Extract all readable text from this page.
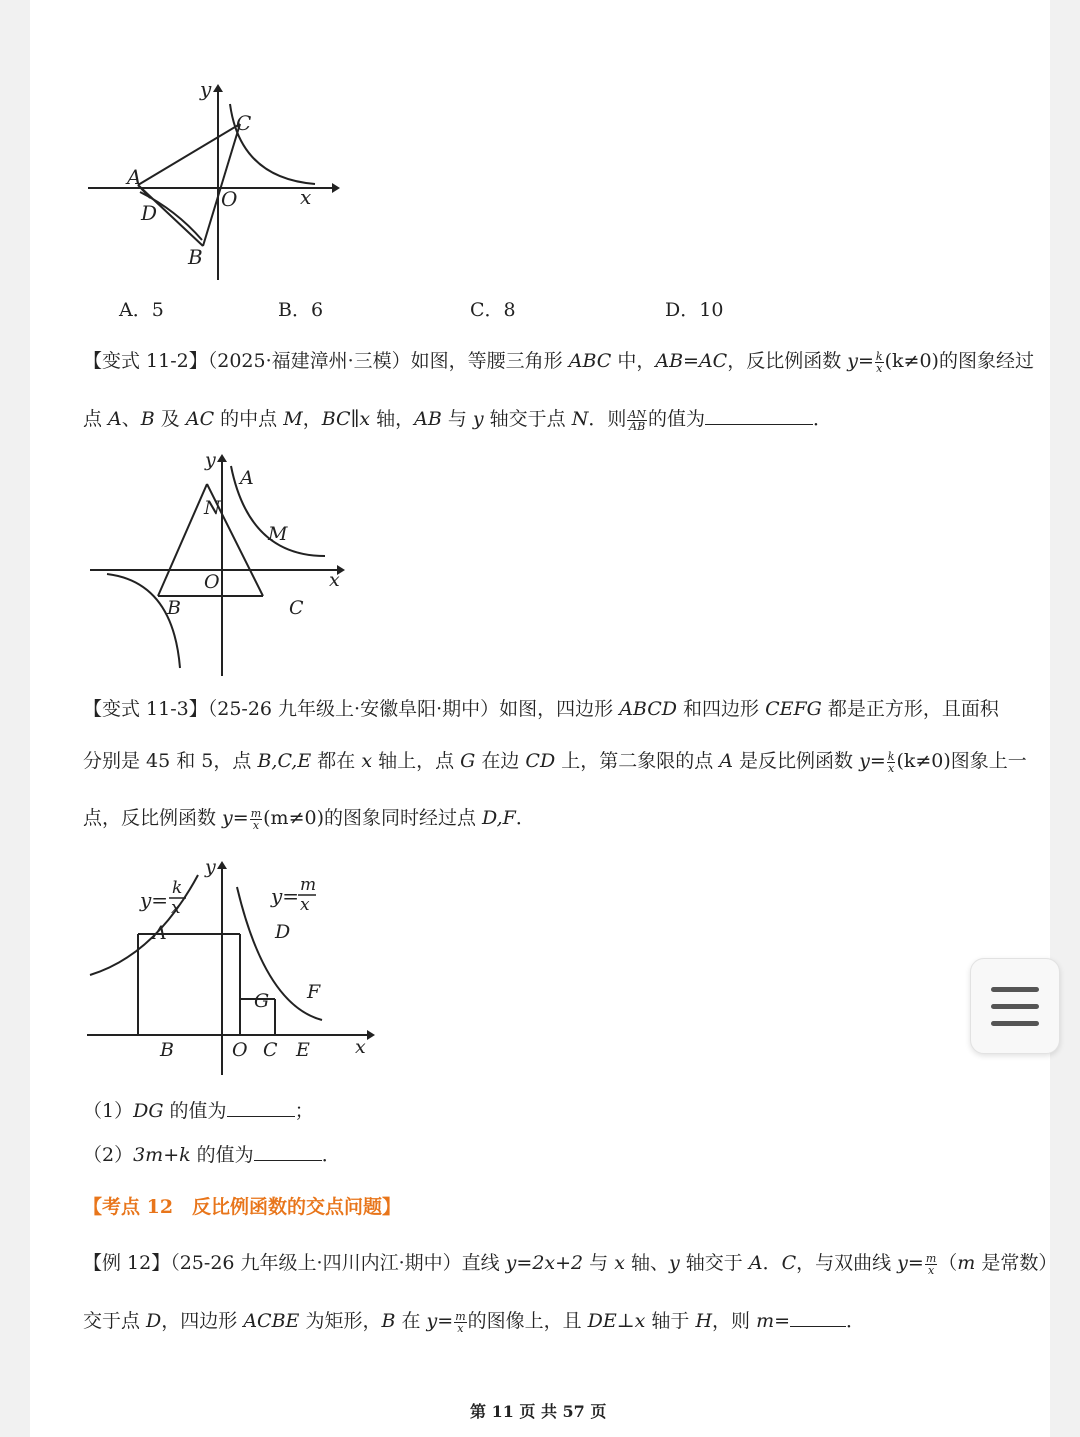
y
x
C
A
O
D
B
A．5	B．6	C．8	D．10
【变式 11-2】（2025·福建漳州·三模）如图，等腰三角形 ABC 中，AB=AC，反比例函数 $y= \frac{k}{x} (k\ne 0)$的图象经过
点 A、B 及 AC 的中点 M，BC∥x 轴，AB 与 y 轴交于点 N．则 $\frac{AN}{AB}$ 的值为	．
y
x
A
N
M
O
B	C
【变式 11-3】（25-26 九年级上·安徽阜阳·期中）如图，四边形 ABCD 和四边形 CEFG 都是正方形，且面积
分别是 45 和 5，点 B,C,E 都在 x 轴上，点 G 在边 CD 上，第二象限的点 A 是反比例函数 $y= \frac{k}{x} (k\ne 0)$图象上一
点，反比例函数 $y= \frac{m}{x} (m\ne 0)$的图象同时经过点 D,F．
y= k
x	y= m
x
y
x
A	D
G F
B	O C E
（1）DG 的值为	；
（2）3m+k 的值为	．
【考点 12　反比例函数的交点问题】
【例 12】（25-26 九年级上·四川内江·期中）直线 y=2x+2 与 x 轴、y 轴交于 A．C，与双曲线 $y= \frac{m}{x} (m$ 是常数）
交于点 D，四边形 ACBE 为矩形，B 在 $y= \frac{m}{x}$ 的图像上，且 DE⊥x 轴于 H，则 m=	．
第 11 页 共 57 页
